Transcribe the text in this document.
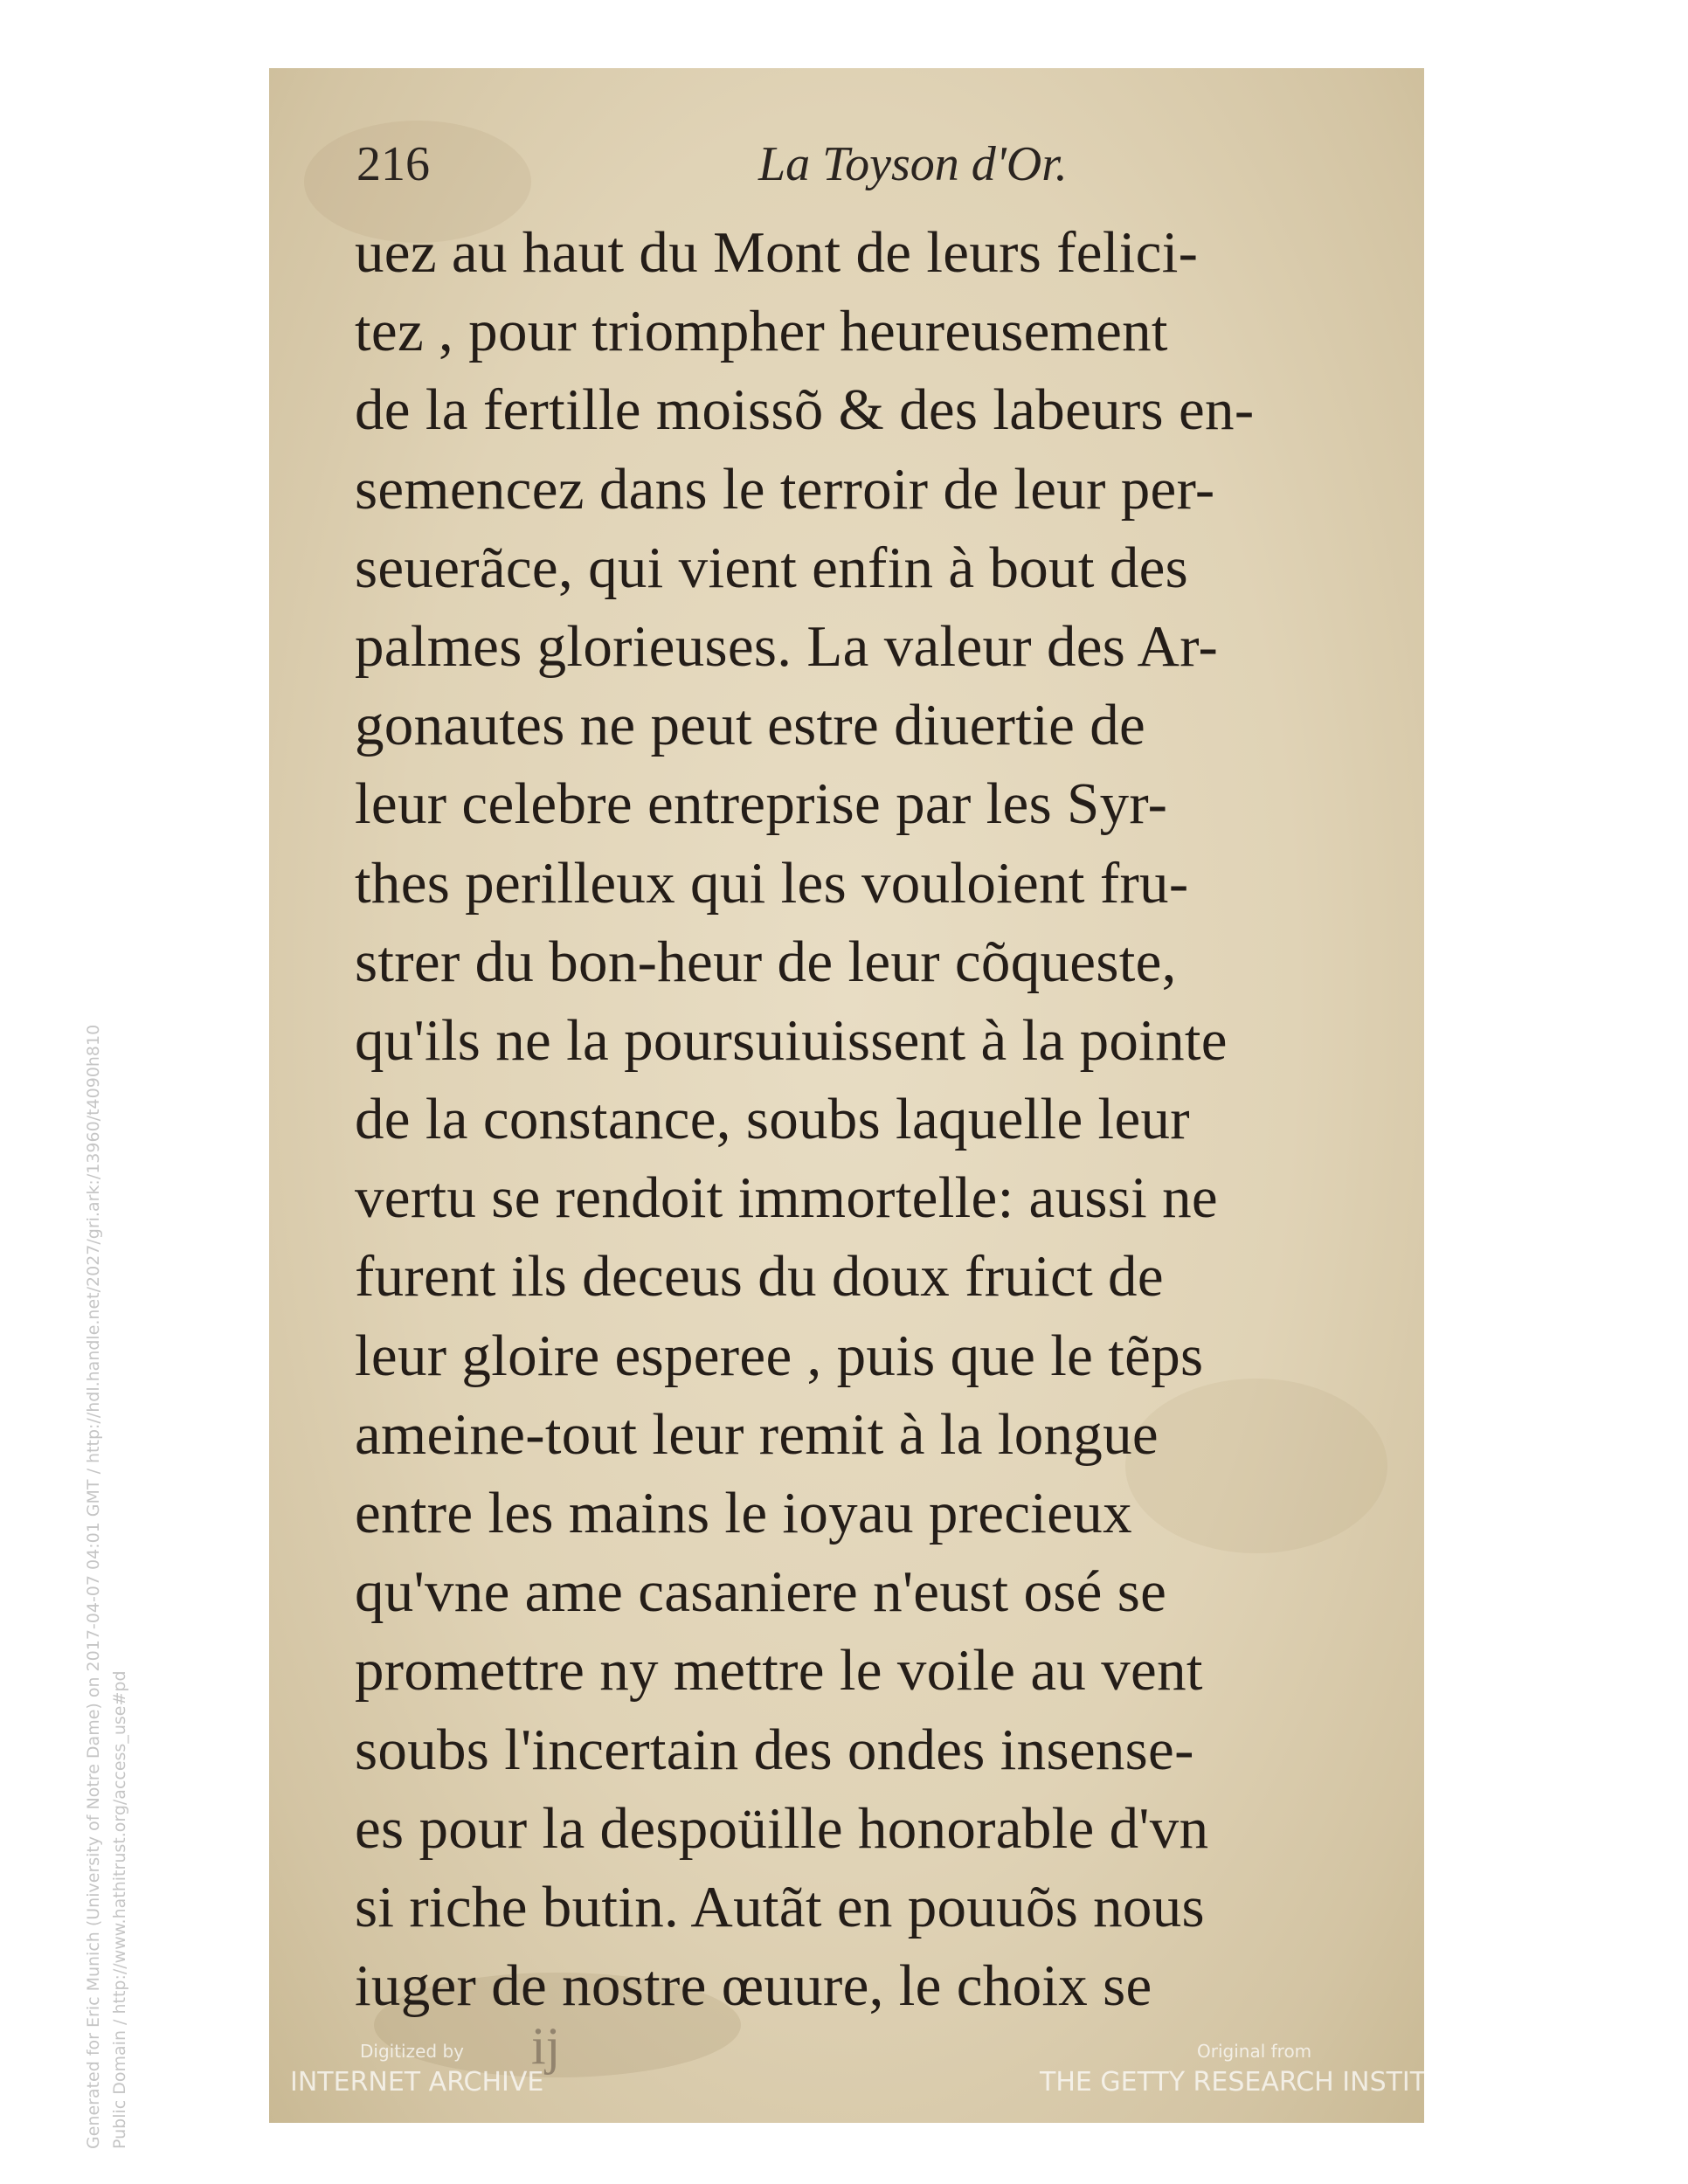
216	La Toyson d'Or.
uez au haut du Mont de leurs felici-
tez , pour triompher heureusement
de la fertille moissõ & des labeurs en-
semencez dans le terroir de leur per-
seuerãce, qui vient enfin à bout des
palmes glorieuses. La valeur des Ar-
gonautes ne peut estre diuertie de
leur celebre entreprise par les Syr-
thes perilleux qui les vouloient fru-
strer du bon-heur de leur cõqueste,
qu'ils ne la poursuiuissent à la pointe
de la constance, soubs laquelle leur
vertu se rendoit immortelle: aussi ne
furent ils deceus du doux fruict de
leur gloire esperee , puis que le tẽps
ameine-tout leur remit à la longue
entre les mains le ioyau precieux
qu'vne ame casaniere n'eust osé se
promettre ny mettre le voile au vent
soubs l'incertain des ondes insense-
es pour la despoüille honorable d'vn
si riche butin. Autãt en pouuõs nous
iuger de nostre œuure, le choix se
ij
Digitized by
INTERNET ARCHIVE
Original from
THE GETTY RESEARCH INSTITUTE
Generated for Eric Munich (University of Notre Dame) on 2017-04-07 04:01 GMT / http://hdl.handle.net/2027/gri.ark:/13960/t4090h810 Public Domain / http://www.hathitrust.org/access_use#pd
